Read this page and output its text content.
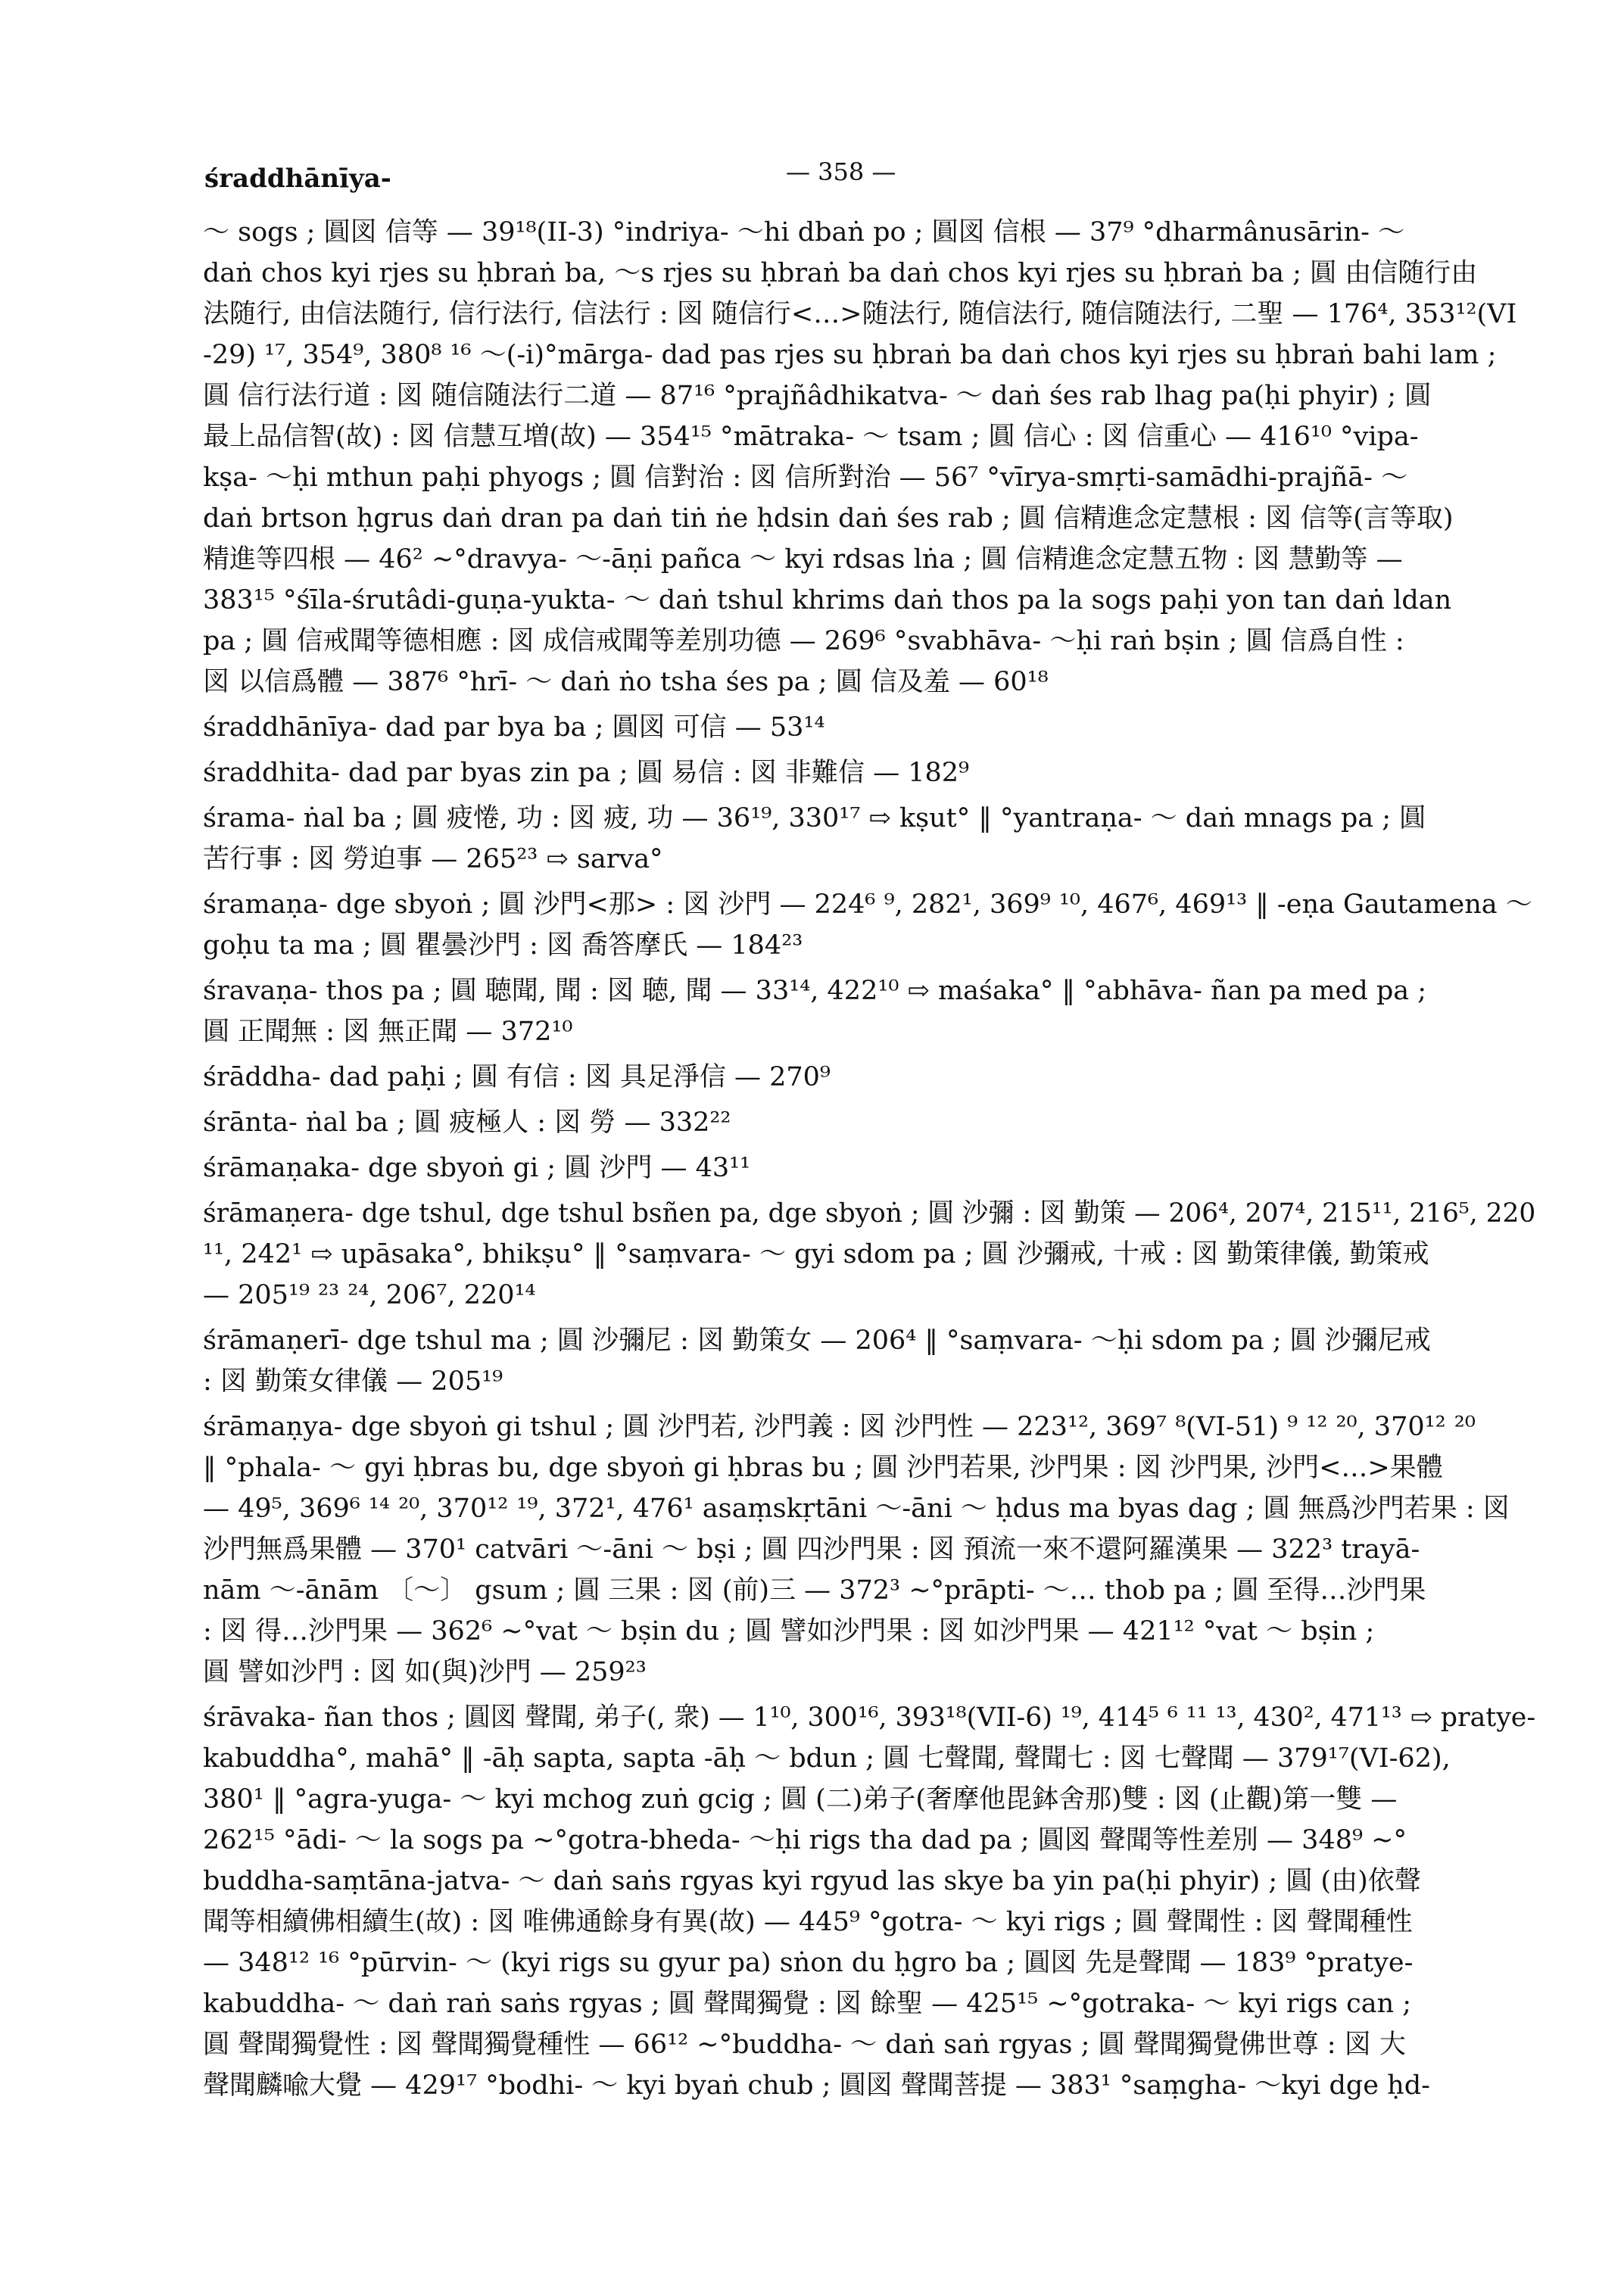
śraddhānīya-	— 358 —
～ sogs ; 圓図 信等 — 39¹⁸(II-3) °indriya- ～hi dbaṅ po ; 圓図 信根 — 37⁹ °dharmânusārin- ～
daṅ chos kyi rjes su ḥbraṅ ba, ～s rjes su ḥbraṅ ba daṅ chos kyi rjes su ḥbraṅ ba ; 圓 由信随行由
法随行, 由信法随行, 信行法行, 信法行 : 図 随信行<…>随法行, 随信法行, 随信随法行, 二聖 — 176⁴, 353¹²(VI
-29) ¹⁷, 354⁹, 380⁸ ¹⁶ ～(-i)°mārga- dad pas rjes su ḥbraṅ ba daṅ chos kyi rjes su ḥbraṅ bahi lam ;
圓 信行法行道 : 図 随信随法行二道 — 87¹⁶ °prajñâdhikatva- ～ daṅ śes rab lhag pa(ḥi phyir) ; 圓
最上品信智(故) : 図 信慧互増(故) — 354¹⁵ °mātraka- ～ tsam ; 圓 信心 : 図 信重心 — 416¹⁰ °vipa-
kṣa- ～ḥi mthun paḥi phyogs ; 圓 信對治 : 図 信所對治 — 56⁷ °vīrya-smṛti-samādhi-prajñā- ～
daṅ brtson ḥgrus daṅ dran pa daṅ tiṅ ṅe ḥdsin daṅ śes rab ; 圓 信精進念定慧根 : 図 信等(言等取)
精進等四根 — 46² ~°dravya- ～-āṇi pañca ～ kyi rdsas lṅa ; 圓 信精進念定慧五物 : 図 慧勤等 —
383¹⁵ °śīla-śrutâdi-guṇa-yukta- ～ daṅ tshul khrims daṅ thos pa la sogs paḥi yon tan daṅ ldan
pa ; 圓 信戒聞等德相應 : 図 成信戒聞等差別功德 — 269⁶ °svabhāva- ～ḥi raṅ bṣin ; 圓 信爲自性 :
図 以信爲體 — 387⁶ °hrī- ～ daṅ ṅo tsha śes pa ; 圓 信及羞 — 60¹⁸
śraddhānīya- dad par bya ba ; 圓図 可信 — 53¹⁴
śraddhita- dad par byas zin pa ; 圓 易信 : 図 非難信 — 182⁹
śrama- ṅal ba ; 圓 疲惓, 功 : 図 疲, 功 — 36¹⁹, 330¹⁷ ⇨ kṣut° ‖ °yantraṇa- ～ daṅ mnags pa ; 圓
苦行事 : 図 勞迫事 — 265²³ ⇨ sarva°
śramaṇa- dge sbyoṅ ; 圓 沙門<那> : 図 沙門 — 224⁶ ⁹, 282¹, 369⁹ ¹⁰, 467⁶, 469¹³ ‖ -eṇa Gautamena ～
goḥu ta ma ; 圓 瞿曇沙門 : 図 喬答摩氏 — 184²³
śravaṇa- thos pa ; 圓 聴聞, 聞 : 図 聴, 聞 — 33¹⁴, 422¹⁰ ⇨ maśaka° ‖ °abhāva- ñan pa med pa ;
圓 正聞無 : 図 無正聞 — 372¹⁰
śrāddha- dad paḥi ; 圓 有信 : 図 具足淨信 — 270⁹
śrānta- ṅal ba ; 圓 疲極人 : 図 勞 — 332²²
śrāmaṇaka- dge sbyoṅ gi ; 圓 沙門 — 43¹¹
śrāmaṇera- dge tshul, dge tshul bsñen pa, dge sbyoṅ ; 圓 沙彌 : 図 勤策 — 206⁴, 207⁴, 215¹¹, 216⁵, 220
¹¹, 242¹ ⇨ upāsaka°, bhikṣu° ‖ °saṃvara- ～ gyi sdom pa ; 圓 沙彌戒, 十戒 : 図 勤策律儀, 勤策戒
— 205¹⁹ ²³ ²⁴, 206⁷, 220¹⁴
śrāmaṇerī- dge tshul ma ; 圓 沙彌尼 : 図 勤策女 — 206⁴ ‖ °saṃvara- ～ḥi sdom pa ; 圓 沙彌尼戒
: 図 勤策女律儀 — 205¹⁹
śrāmaṇya- dge sbyoṅ gi tshul ; 圓 沙門若, 沙門義 : 図 沙門性 — 223¹², 369⁷ ⁸(VI-51) ⁹ ¹² ²⁰, 370¹² ²⁰
‖ °phala- ～ gyi ḥbras bu, dge sbyoṅ gi ḥbras bu ; 圓 沙門若果, 沙門果 : 図 沙門果, 沙門<…>果體
— 49⁵, 369⁶ ¹⁴ ²⁰, 370¹² ¹⁹, 372¹, 476¹ asaṃskṛtāni ～-āni ～ ḥdus ma byas dag ; 圓 無爲沙門若果 : 図
沙門無爲果體 — 370¹ catvāri ～-āni ～ bṣi ; 圓 四沙門果 : 図 預流一來不還阿羅漢果 — 322³ trayā-
nām ～-ānām 〔～〕 gsum ; 圓 三果 : 図 (前)三 — 372³ ~°prāpti- ～… thob pa ; 圓 至得…沙門果
: 図 得…沙門果 — 362⁶ ~°vat ～ bṣin du ; 圓 譬如沙門果 : 図 如沙門果 — 421¹² °vat ～ bṣin ;
圓 譬如沙門 : 図 如(與)沙門 — 259²³
śrāvaka- ñan thos ; 圓図 聲聞, 弟子(, 衆) — 1¹⁰, 300¹⁶, 393¹⁸(VII-6) ¹⁹, 414⁵ ⁶ ¹¹ ¹³, 430², 471¹³ ⇨ pratye-
kabuddha°, mahā° ‖ -āḥ sapta, sapta -āḥ ～ bdun ; 圓 七聲聞, 聲聞七 : 図 七聲聞 — 379¹⁷(VI-62),
380¹ ‖ °agra-yuga- ～ kyi mchog zuṅ gcig ; 圓 (二)弟子(奢摩他毘鉢舍那)雙 : 図 (止觀)第一雙 —
262¹⁵ °ādi- ～ la sogs pa ~°gotra-bheda- ～ḥi rigs tha dad pa ; 圓図 聲聞等性差別 — 348⁹ ~°
buddha-saṃtāna-jatva- ～ daṅ saṅs rgyas kyi rgyud las skye ba yin pa(ḥi phyir) ; 圓 (由)依聲
聞等相續佛相續生(故) : 図 唯佛通餘身有異(故) — 445⁹ °gotra- ～ kyi rigs ; 圓 聲聞性 : 図 聲聞種性
— 348¹² ¹⁶ °pūrvin- ～ (kyi rigs su gyur pa) sṅon du ḥgro ba ; 圓図 先是聲聞 — 183⁹ °pratye-
kabuddha- ～ daṅ raṅ saṅs rgyas ; 圓 聲聞獨覺 : 図 餘聖 — 425¹⁵ ~°gotraka- ～ kyi rigs can ;
圓 聲聞獨覺性 : 図 聲聞獨覺種性 — 66¹² ~°buddha- ～ daṅ saṅ rgyas ; 圓 聲聞獨覺佛世尊 : 図 大
聲聞麟喩大覺 — 429¹⁷ °bodhi- ～ kyi byaṅ chub ; 圓図 聲聞菩提 — 383¹ °saṃgha- ～kyi dge ḥd-
